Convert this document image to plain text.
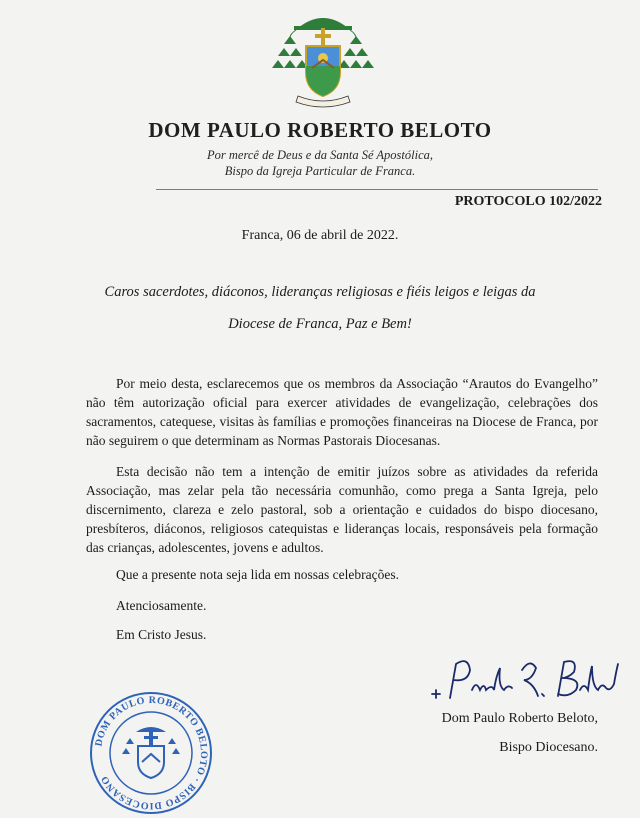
DOM PAULO ROBERTO BELOTO
Por mercê de Deus e da Santa Sé Apostólica,
Bispo da Igreja Particular de Franca.
PROTOCOLO 102/2022
Franca, 06 de abril de 2022.
Caros sacerdotes, diáconos, lideranças religiosas e fiéis leigos e leigas da
Diocese de Franca, Paz e Bem!

Por meio desta, esclarecemos que os membros da Associação “Arautos do Evangelho” não têm autorização oficial para exercer atividades de evangelização, celebrações dos sacramentos, catequese, visitas às famílias e promoções financeiras na Diocese de Franca, por não seguirem o que determinam as Normas Pastorais Diocesanas.

Esta decisão não tem a intenção de emitir juízos sobre as atividades da referida Associação, mas zelar pela tão necessária comunhão, como prega a Santa Igreja, pelo discernimento, clareza e zelo pastoral, sob a orientação e cuidados do bispo diocesano, presbíteros, diáconos, religiosos catequistas e lideranças locais, responsáveis pela formação das crianças, adolescentes, jovens e adultos.

Que a presente nota seja lida em nossas celebrações.
Atenciosamente.
Em Cristo Jesus.
Dom Paulo Roberto Beloto,
Bispo Diocesano.
DOM PAULO ROBERTO BELOTO · BISPO DIOCESANO
